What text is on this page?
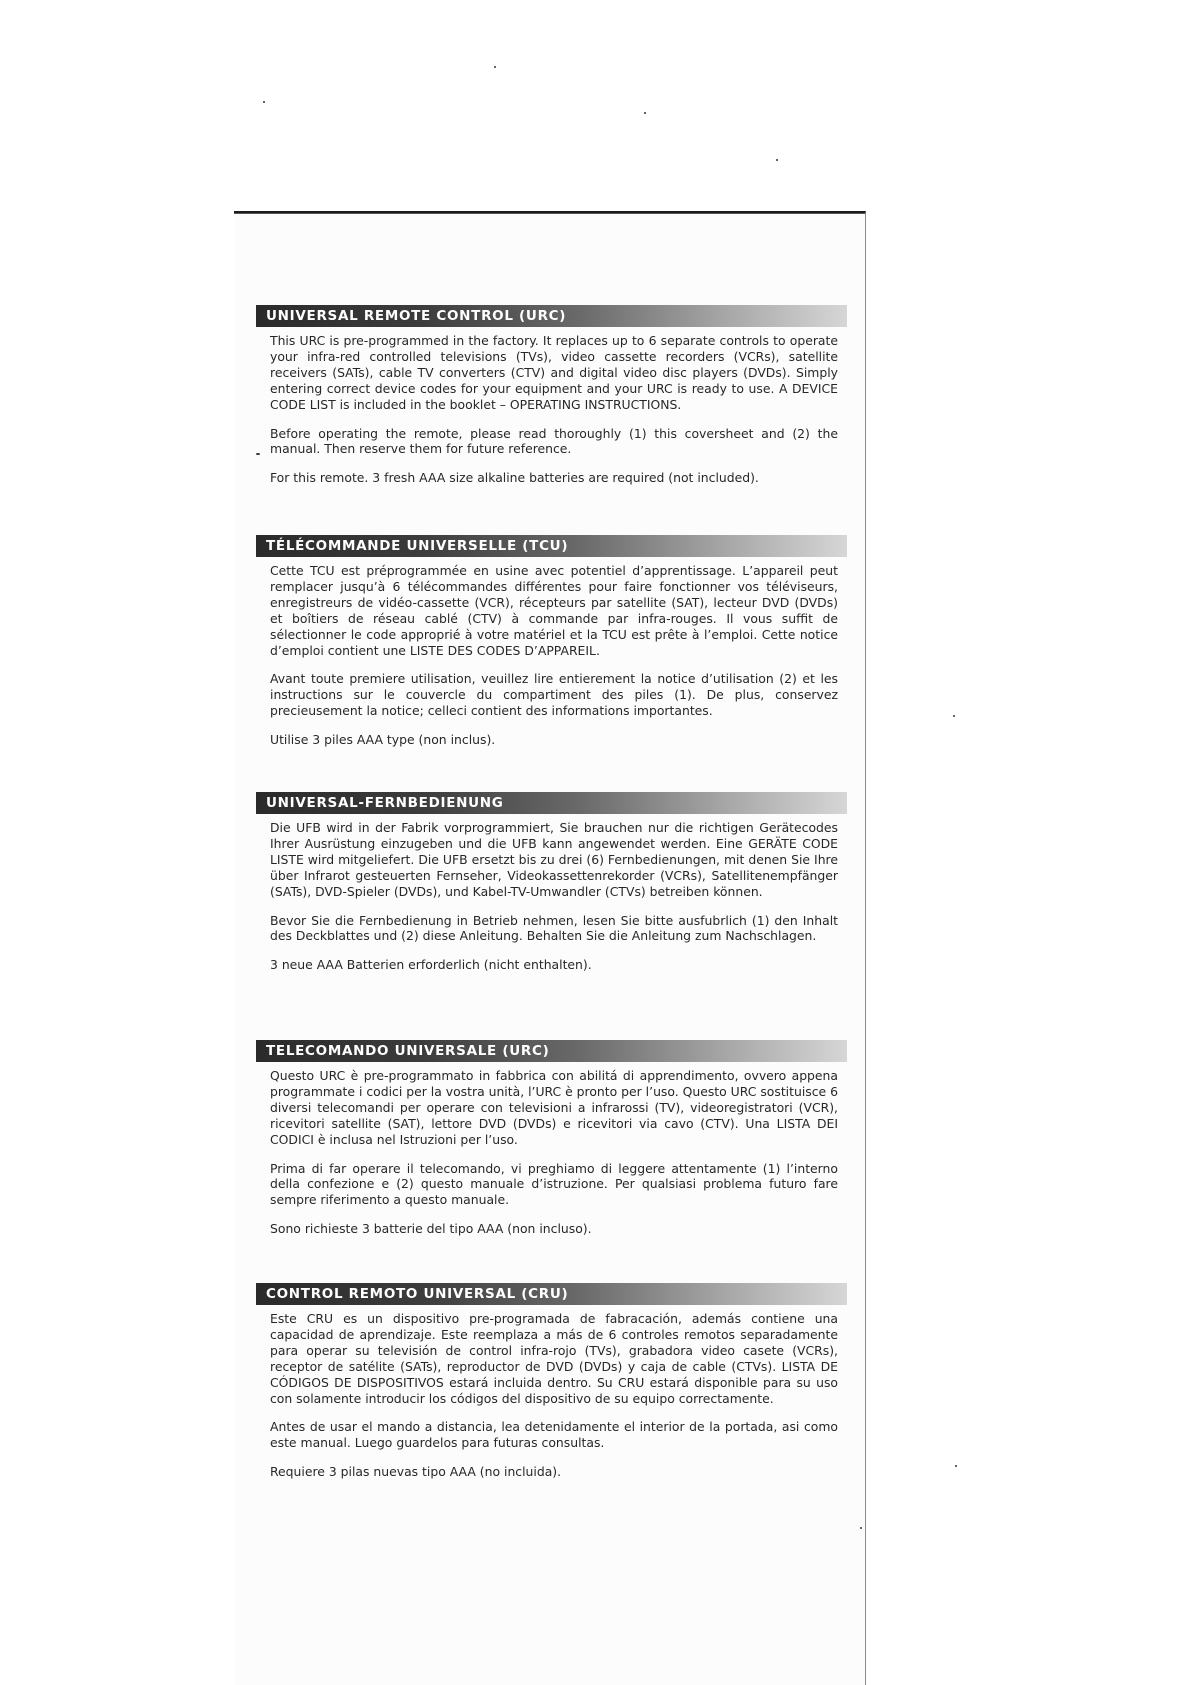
UNIVERSAL REMOTE CONTROL (URC)

This URC is pre-programmed in the factory. It replaces up to 6 separate controls to operate your infra-red controlled televisions (TVs), video cassette recorders (VCRs), satellite receivers (SATs), cable TV converters (CTV) and digital video disc players (DVDs). Simply entering correct device codes for your equipment and your URC is ready to use. A DEVICE CODE LIST is included in the booklet – OPERATING INSTRUCTIONS.

Before operating the remote, please read thoroughly (1) this coversheet and (2) the manual. Then reserve them for future reference.

For this remote. 3 fresh AAA size alkaline batteries are required (not included).

TÉLÉCOMMANDE UNIVERSELLE (TCU)

Cette TCU est préprogrammée en usine avec potentiel d’apprentissage. L’appareil peut remplacer jusqu’à 6 télécommandes différentes pour faire fonctionner vos téléviseurs, enregistreurs de vidéo-cassette (VCR), récepteurs par satellite (SAT), lecteur DVD (DVDs) et boîtiers de réseau cablé (CTV) à commande par infra-rouges. Il vous suffit de sélectionner le code approprié à votre matériel et la TCU est prête à l’emploi. Cette notice d’emploi contient une LISTE DES CODES D’APPAREIL.

Avant toute premiere utilisation, veuillez lire entierement la notice d’utilisation (2) et les instructions sur le couvercle du compartiment des piles (1). De plus, conservez precieusement la notice; celleci contient des informations importantes.

Utilise 3 piles AAA type (non inclus).

UNIVERSAL-FERNBEDIENUNG

Die UFB wird in der Fabrik vorprogrammiert, Sie brauchen nur die richtigen Gerätecodes Ihrer Ausrüstung einzugeben und die UFB kann angewendet werden. Eine GERÄTE CODE LISTE wird mitgeliefert. Die UFB ersetzt bis zu drei (6) Fernbedienungen, mit denen Sie Ihre über Infrarot gesteuerten Fernseher, Videokassettenrekorder (VCRs), Satellitenempfänger (SATs), DVD-Spieler (DVDs), und Kabel-TV-Umwandler (CTVs) betreiben können.

Bevor Sie die Fernbedienung in Betrieb nehmen, lesen Sie bitte ausfubrlich (1) den Inhalt des Deckblattes und (2) diese Anleitung. Behalten Sie die Anleitung zum Nachschlagen.

3 neue AAA Batterien erforderlich (nicht enthalten).

TELECOMANDO UNIVERSALE (URC)

Questo URC è pre-programmato in fabbrica con abilitá di apprendimento, ovvero appena programmate i codici per la vostra unità, l’URC è pronto per l’uso. Questo URC sostituisce 6 diversi telecomandi per operare con televisioni a infrarossi (TV), videoregistratori (VCR), ricevitori satellite (SAT), lettore DVD (DVDs) e ricevitori via cavo (CTV). Una LISTA DEI CODICI è inclusa nel Istruzioni per l’uso.

Prima di far operare il telecomando, vi preghiamo di leggere attentamente (1) l’interno della confezione e (2) questo manuale d’istruzione. Per qualsiasi problema futuro fare sempre riferimento a questo manuale.

Sono richieste 3 batterie del tipo AAA (non incluso).

CONTROL REMOTO UNIVERSAL (CRU)

Este CRU es un dispositivo pre-programada de fabracación, además contiene una capacidad de aprendizaje. Este reemplaza a más de 6 controles remotos separadamente para operar su televisión de control infra-rojo (TVs), grabadora video casete (VCRs), receptor de satélite (SATs), reproductor de DVD (DVDs) y caja de cable (CTVs). LISTA DE CÓDIGOS DE DISPOSITIVOS estará incluida dentro. Su CRU estará disponible para su uso con solamente introducir los códigos del dispositivo de su equipo correctamente.

Antes de usar el mando a distancia, lea detenidamente el interior de la portada, asi como este manual. Luego guardelos para futuras consultas.

Requiere 3 pilas nuevas tipo AAA (no incluida).
